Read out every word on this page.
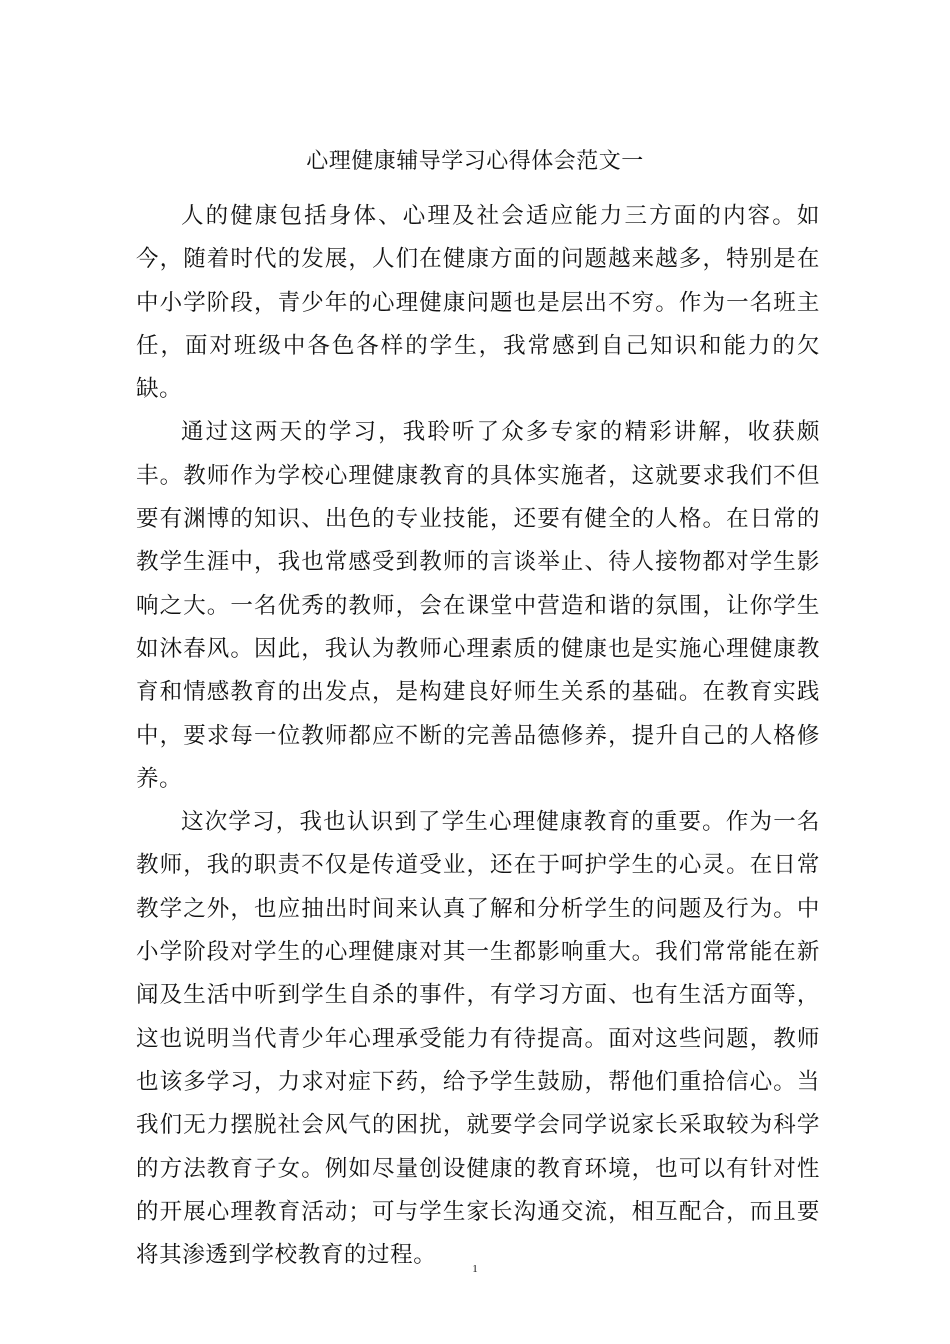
心理健康辅导学习心得体会范文一

人的健康包括身体、心理及社会适应能力三方面的内容。如今，随着时代的发展，人们在健康方面的问题越来越多，特别是在中小学阶段，青少年的心理健康问题也是层出不穷。作为一名班主任，面对班级中各色各样的学生，我常感到自己知识和能力的欠缺。

通过这两天的学习，我聆听了众多专家的精彩讲解，收获颇丰。教师作为学校心理健康教育的具体实施者，这就要求我们不但要有渊博的知识、出色的专业技能，还要有健全的人格。在日常的教学生涯中，我也常感受到教师的言谈举止、待人接物都对学生影响之大。一名优秀的教师，会在课堂中营造和谐的氛围，让你学生如沐春风。因此，我认为教师心理素质的健康也是实施心理健康教育和情感教育的出发点，是构建良好师生关系的基础。在教育实践中，要求每一位教师都应不断的完善品德修养，提升自己的人格修养。

这次学习，我也认识到了学生心理健康教育的重要。作为一名教师，我的职责不仅是传道受业，还在于呵护学生的心灵。在日常教学之外，也应抽出时间来认真了解和分析学生的问题及行为。中小学阶段对学生的心理健康对其一生都影响重大。我们常常能在新闻及生活中听到学生自杀的事件，有学习方面、也有生活方面等，这也说明当代青少年心理承受能力有待提高。面对这些问题，教师也该多学习，力求对症下药，给予学生鼓励，帮他们重拾信心。当我们无力摆脱社会风气的困扰，就要学会同学说家长采取较为科学的方法教育子女。例如尽量创设健康的教育环境，也可以有针对性的开展心理教育活动；可与学生家长沟通交流，相互配合，而且要将其渗透到学校教育的过程。

1
